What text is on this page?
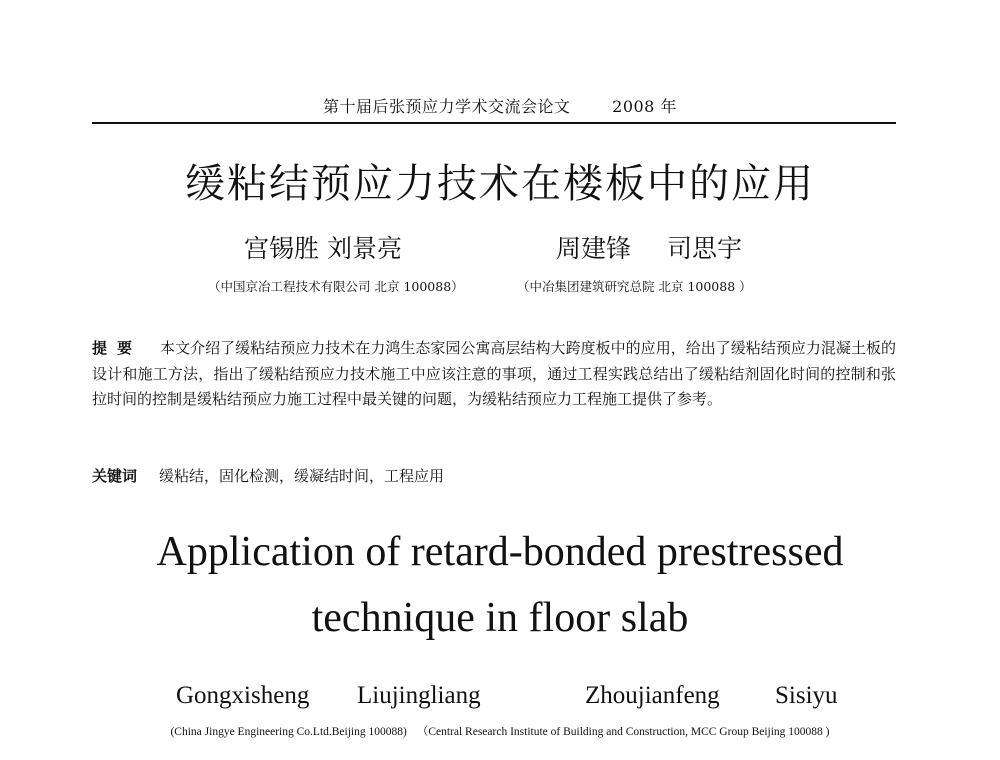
第十届后张预应力学术交流会论文	2008 年
缓粘结预应力技术在楼板中的应用
宫锡胜 刘景亮	周建锋 司思宇
（中国京冶工程技术有限公司 北京 100088）	（中冶集团建筑研究总院 北京 100088 ）
提要 本文介绍了缓粘结预应力技术在力鸿生态家园公寓高层结构大跨度板中的应用，给出了缓粘结预应力混凝土板的设计和施工方法，指出了缓粘结预应力技术施工中应该注意的事项，通过工程实践总结出了缓粘结剂固化时间的控制和张拉时间的控制是缓粘结预应力施工过程中最关键的问题，为缓粘结预应力工程施工提供了参考。
关键词 缓粘结，固化检测，缓凝结时间，工程应用
Application of retard-bonded prestressed
technique in floor slab
Gongxisheng Liujingliang	Zhoujianfeng Sisiyu
(China Jingye Engineering Co.Ltd.Beijing 100088) （Central Research Institute of Building and Construction, MCC Group Beijing 100088 )
